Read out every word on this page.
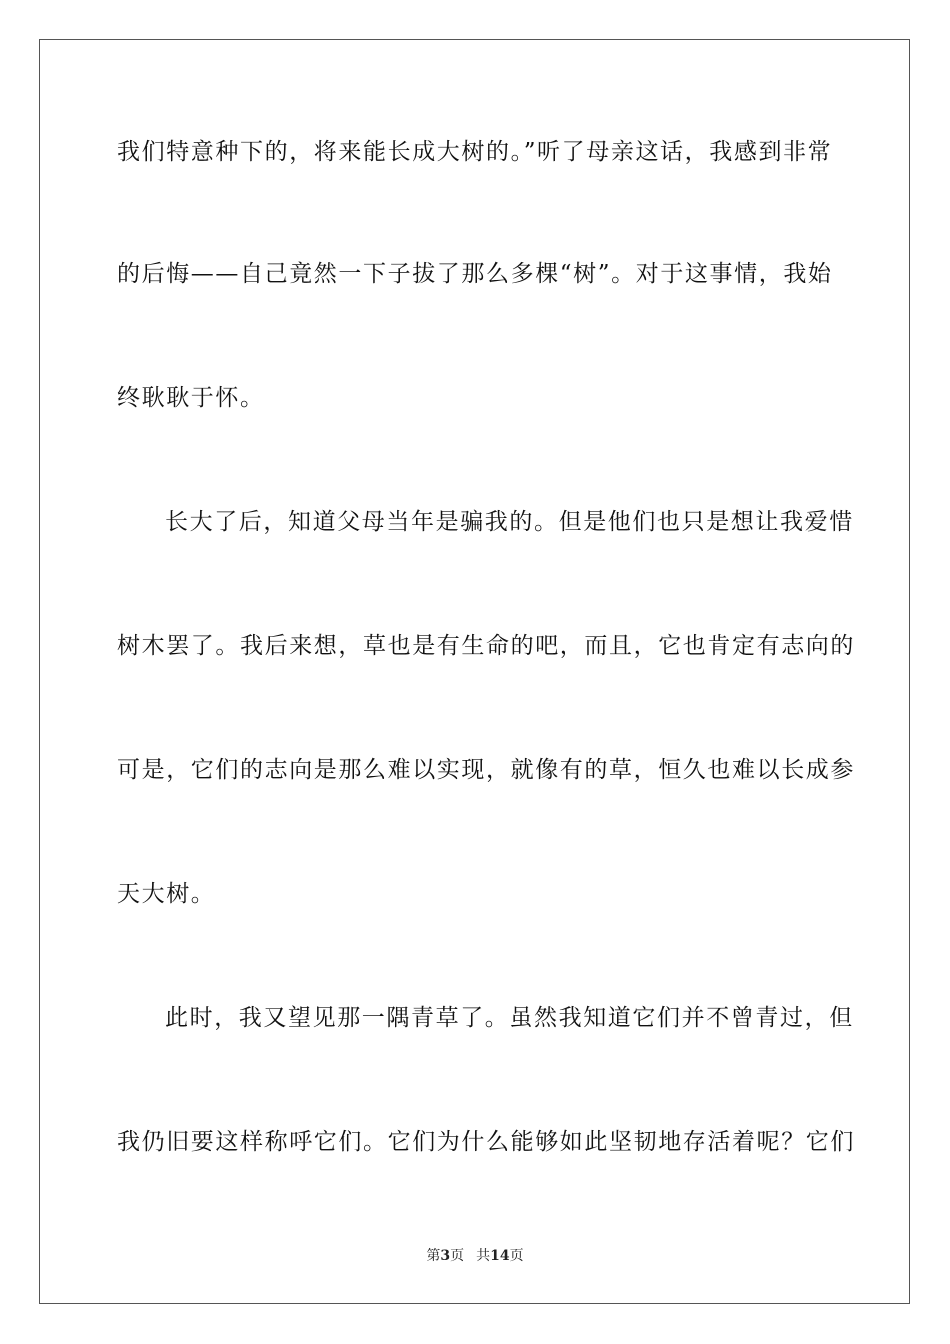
我们特意种下的，将来能长成大树的。”听了母亲这话，我感到非常
的后悔——自己竟然一下子拔了那么多棵“树”。对于这事情，我始
终耿耿于怀。
长大了后，知道父母当年是骗我的。但是他们也只是想让我爱惜
树木罢了。我后来想，草也是有生命的吧，而且，它也肯定有志向的
可是，它们的志向是那么难以实现，就像有的草，恒久也难以长成参
天大树。
此时，我又望见那一隅青草了。虽然我知道它们并不曾青过，但
我仍旧要这样称呼它们。它们为什么能够如此坚韧地存活着呢？它们
第3页 共14页
